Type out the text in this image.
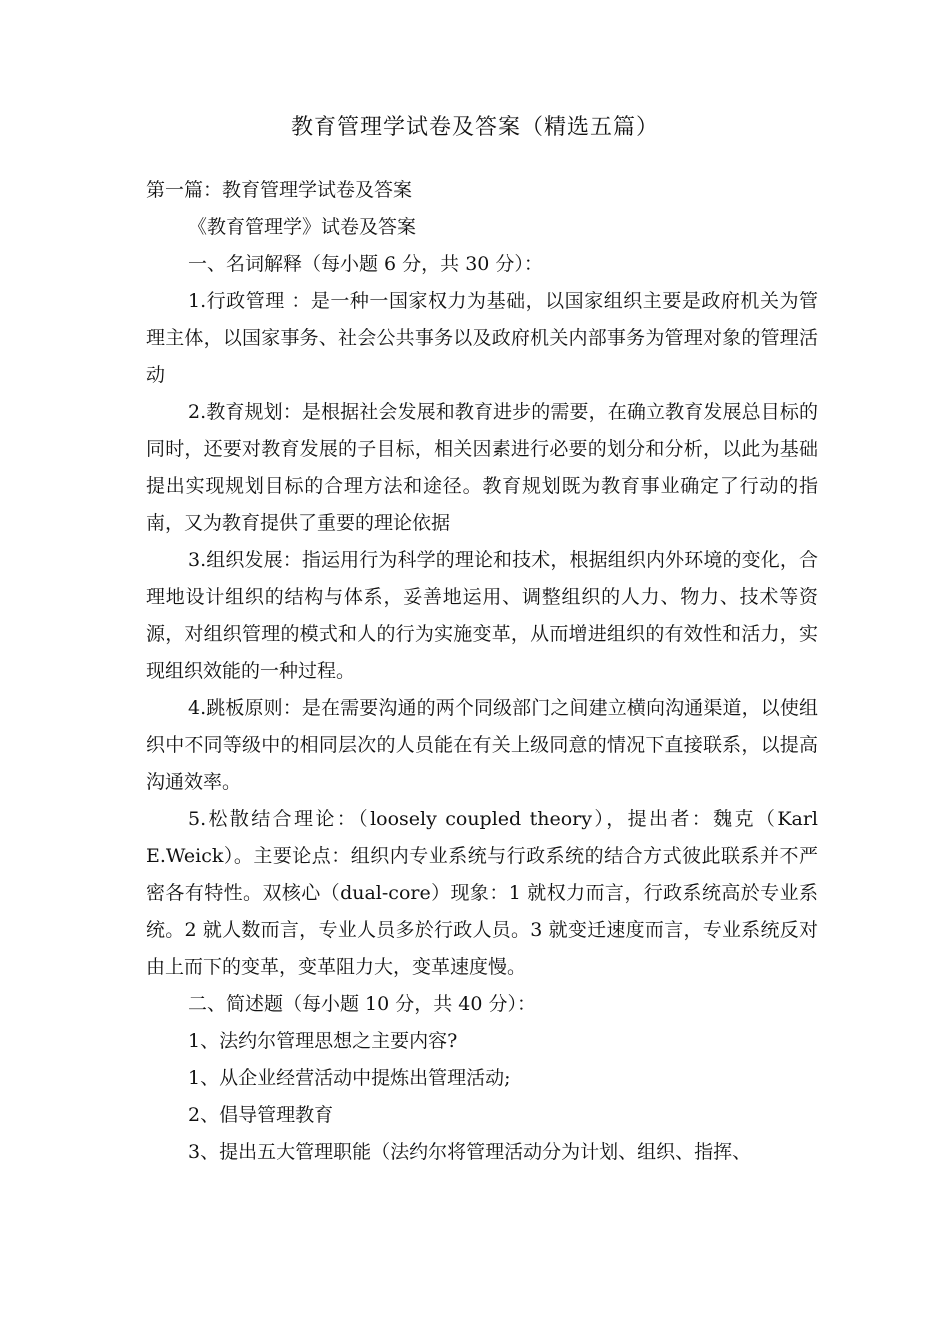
教育管理学试卷及答案（精选五篇）

第一篇：教育管理学试卷及答案

《教育管理学》试卷及答案

一、名词解释（每小题 6 分，共 30 分）：

1.行政管理 ：是一种一国家权力为基础，以国家组织主要是政府机关为管理主体，以国家事务、社会公共事务以及政府机关内部事务为管理对象的管理活动

2.教育规划：是根据社会发展和教育进步的需要，在确立教育发展总目标的同时，还要对教育发展的子目标，相关因素进行必要的划分和分析，以此为基础提出实现规划目标的合理方法和途径。教育规划既为教育事业确定了行动的指南，又为教育提供了重要的理论依据

3.组织发展：指运用行为科学的理论和技术，根据组织内外环境的变化，合理地设计组织的结构与体系，妥善地运用、调整组织的人力、物力、技术等资源，对组织管理的模式和人的行为实施变革，从而增进组织的有效性和活力，实现组织效能的一种过程。

4.跳板原则：是在需要沟通的两个同级部门之间建立横向沟通渠道，以使组织中不同等级中的相同层次的人员能在有关上级同意的情况下直接联系，以提高沟通效率。

5.松散结合理论：（loosely coupled theory），提出者：魏克（Karl E.Weick）。主要论点：组织内专业系统与行政系统的结合方式彼此联系并不严密各有特性。双核心（dual-core）现象：1 就权力而言，行政系统高於专业系统。2 就人数而言，专业人员多於行政人员。3 就变迁速度而言，专业系统反对由上而下的变革，变革阻力大，变革速度慢。

二、简述题（每小题 10 分，共 40 分）：

1、法约尔管理思想之主要内容?

1、从企业经营活动中提炼出管理活动;

2、倡导管理教育

3、提出五大管理职能（法约尔将管理活动分为计划、组织、指挥、
